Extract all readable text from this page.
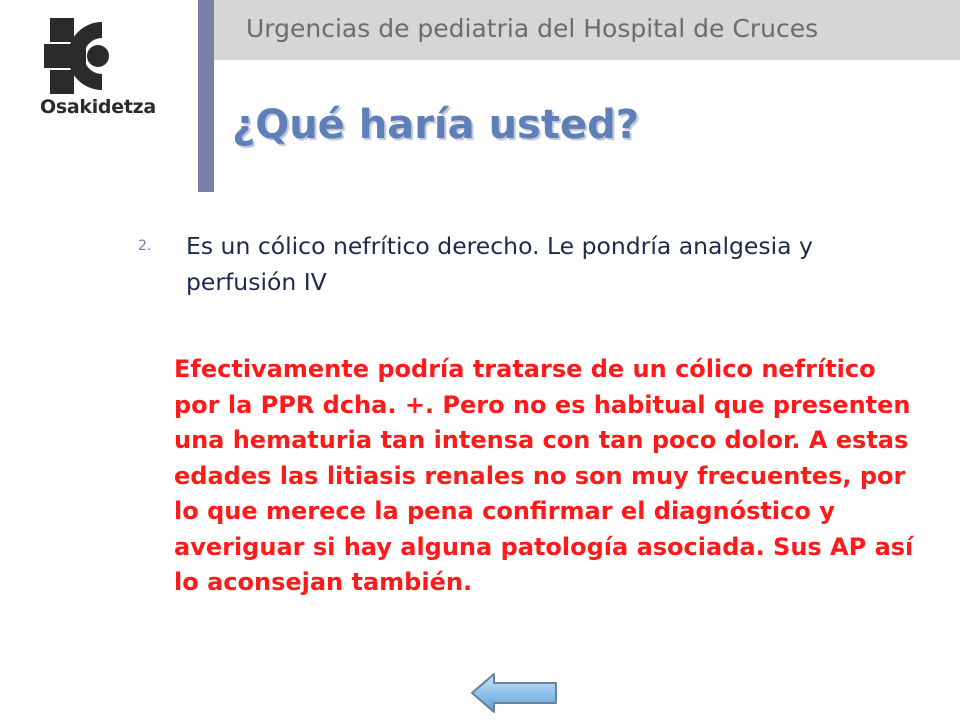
Osakidetza
Urgencias de pediatria del Hospital de Cruces
¿Qué haría usted?
2. Es un cólico nefrítico derecho. Le pondría analgesia y perfusión IV
Efectivamente podría tratarse de un cólico nefrítico por la PPR dcha. +. Pero no es habitual que presenten una hematuria tan intensa con tan poco dolor. A estas edades las litiasis renales no son muy frecuentes, por lo que merece la pena confirmar el diagnóstico y averiguar si hay alguna patología asociada. Sus AP así lo aconsejan también.
